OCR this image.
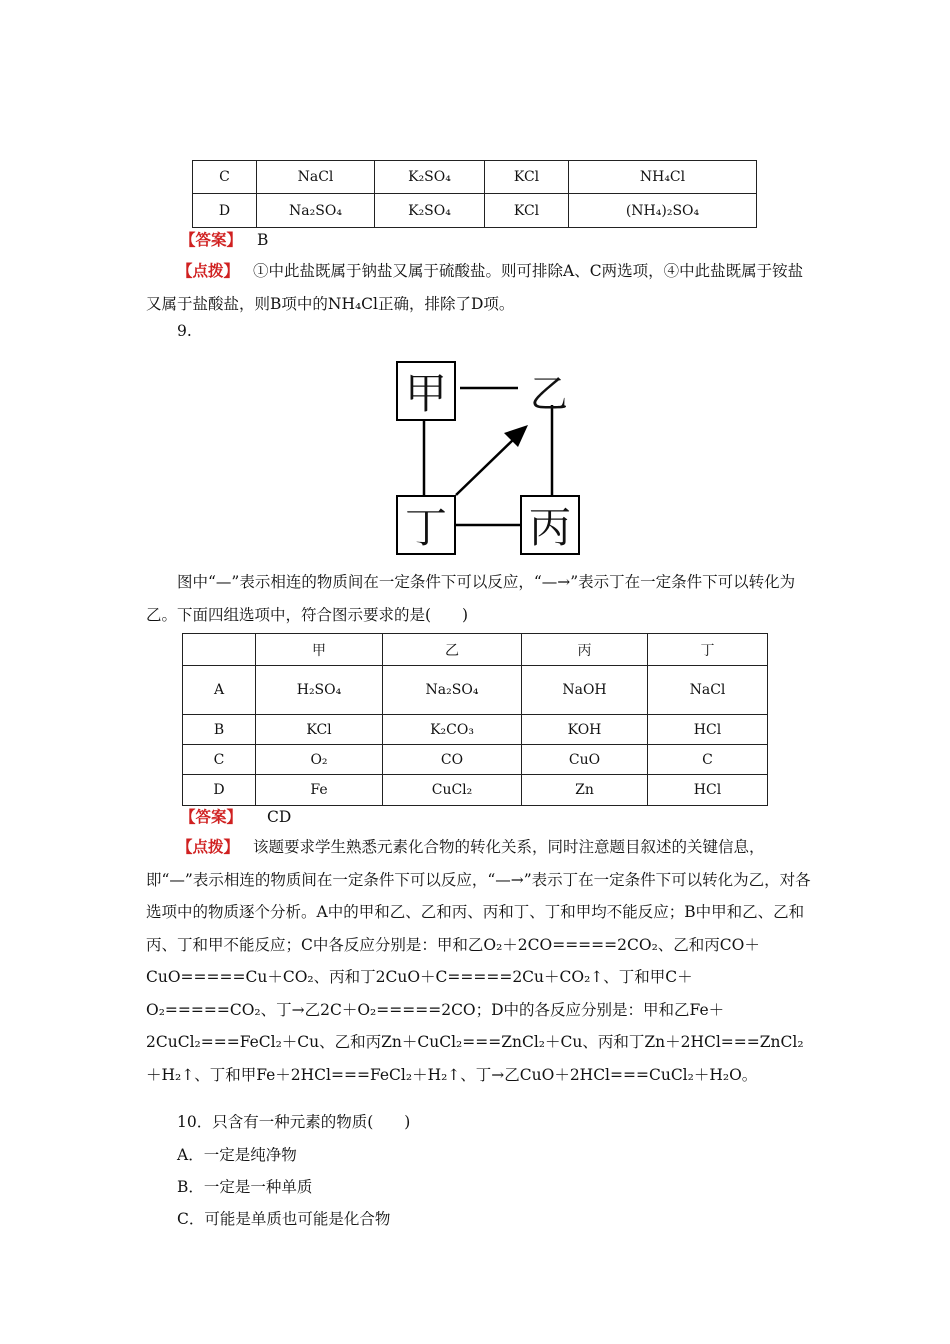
C	NaCl	K₂SO₄	KCl	NH₄Cl
D	Na₂SO₄	K₂SO₄	KCl	(NH₄)₂SO₄
【答案】 B
【点拨】 ①中此盐既属于钠盐又属于硫酸盐。则可排除A、C两选项，④中此盐既属于铵盐又属于盐酸盐，则B项中的NH₄Cl正确，排除了D项。
9.
甲 乙
丁 丙
图中“—”表示相连的物质间在一定条件下可以反应，“—→”表示丁在一定条件下可以转化为乙。下面四组选项中，符合图示要求的是(　　)
	甲	乙	丙	丁
A	H₂SO₄	Na₂SO₄	NaOH	NaCl
B	KCl	K₂CO₃	KOH	HCl
C	O₂	CO	CuO	C
D	Fe	CuCl₂	Zn	HCl
【答案】 CD
【点拨】 该题要求学生熟悉元素化合物的转化关系，同时注意题目叙述的关键信息，即“—”表示相连的物质间在一定条件下可以反应，“—→”表示丁在一定条件下可以转化为乙，对各选项中的物质逐个分析。A中的甲和乙、乙和丙、丙和丁、丁和甲均不能反应；B中甲和乙、乙和丙、丁和甲不能反应；C中各反应分别是：甲和乙O₂＋2CO=====2CO₂、乙和丙CO＋CuO=====Cu＋CO₂、丙和丁2CuO＋C=====2Cu＋CO₂↑、丁和甲C＋O₂=====CO₂、丁→乙2C＋O₂=====2CO；D中的各反应分别是：甲和乙Fe＋2CuCl₂===FeCl₂＋Cu、乙和丙Zn＋CuCl₂===ZnCl₂＋Cu、丙和丁Zn＋2HCl===ZnCl₂＋H₂↑、丁和甲Fe＋2HCl===FeCl₂＋H₂↑、丁→乙CuO＋2HCl===CuCl₂＋H₂O。
10．只含有一种元素的物质(　　)
A．一定是纯净物
B．一定是一种单质
C．可能是单质也可能是化合物
